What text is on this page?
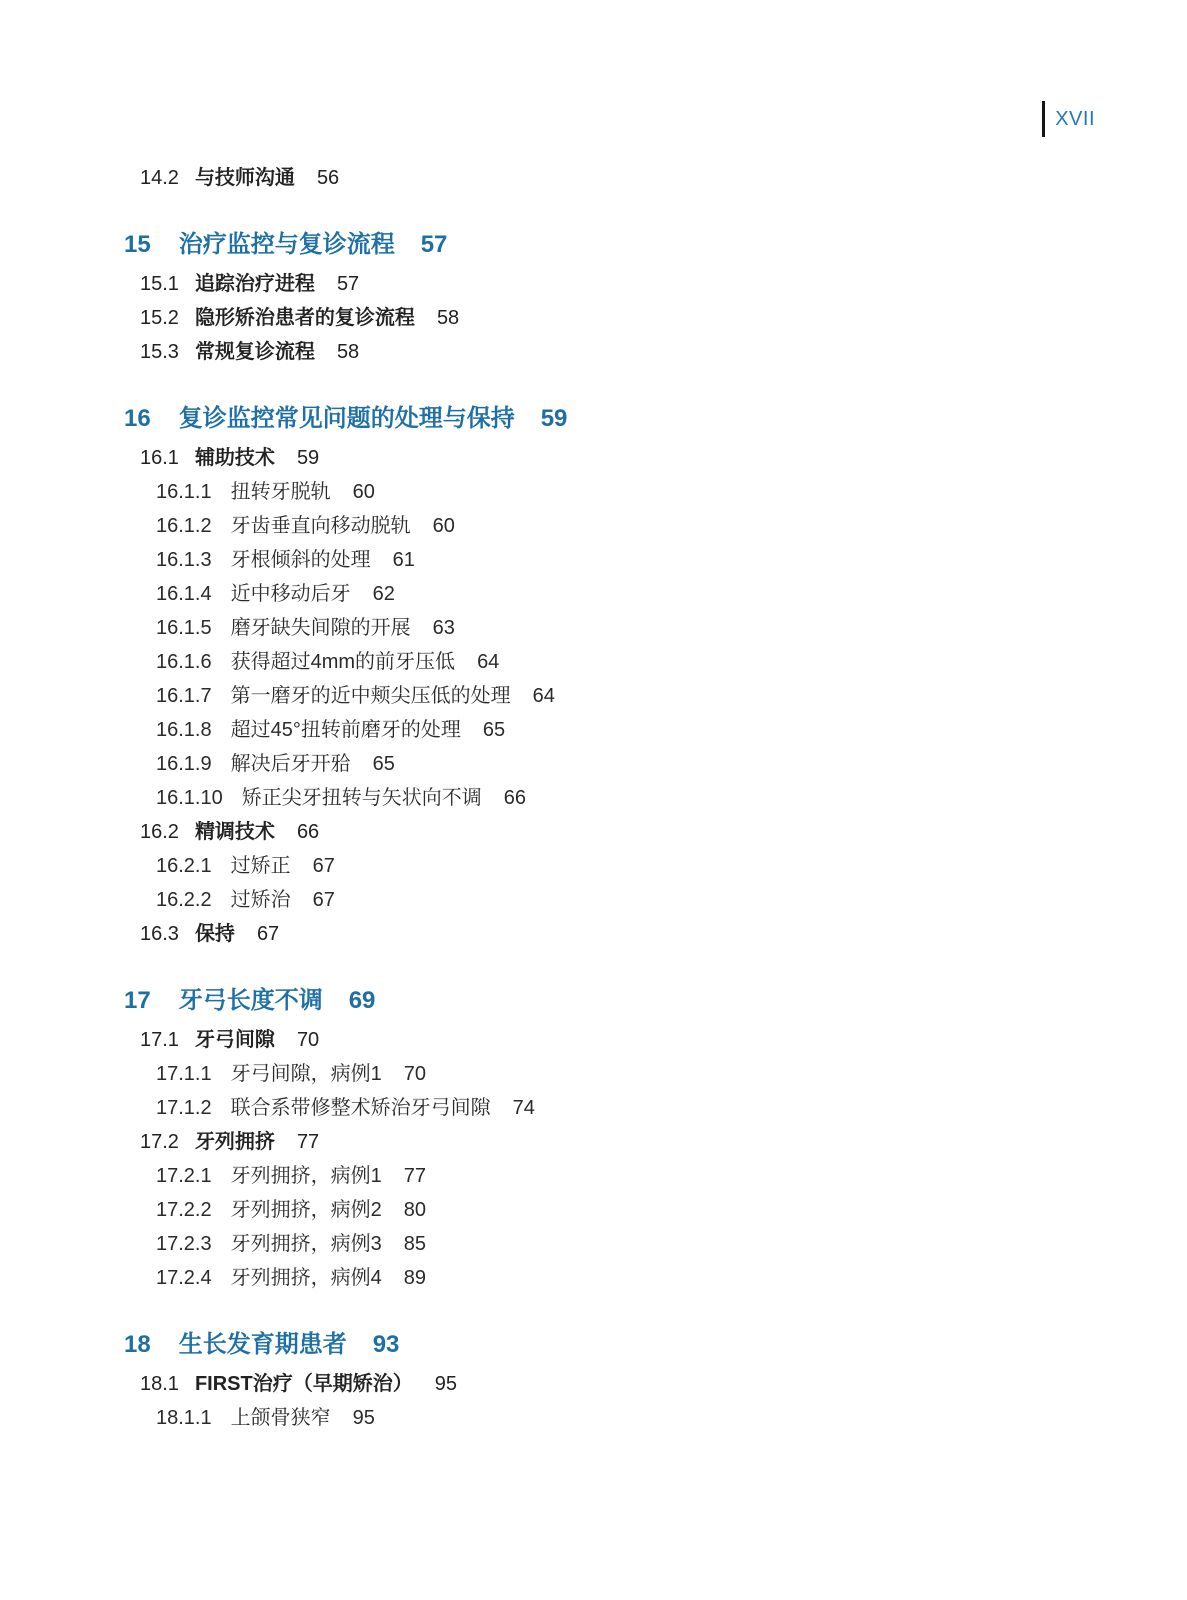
XVII
14.2 与技师沟通 56
15 治疗监控与复诊流程 57
15.1 追踪治疗进程 57
15.2 隐形矫治患者的复诊流程 58
15.3 常规复诊流程 58
16 复诊监控常见问题的处理与保持 59
16.1 辅助技术 59
16.1.1 扭转牙脱轨 60
16.1.2 牙齿垂直向移动脱轨 60
16.1.3 牙根倾斜的处理 61
16.1.4 近中移动后牙 62
16.1.5 磨牙缺失间隙的开展 63
16.1.6 获得超过4mm的前牙压低 64
16.1.7 第一磨牙的近中颊尖压低的处理 64
16.1.8 超过45°扭转前磨牙的处理 65
16.1.9 解决后牙开𬌗 65
16.1.10 矫正尖牙扭转与矢状向不调 66
16.2 精调技术 66
16.2.1 过矫正 67
16.2.2 过矫治 67
16.3 保持 67
17 牙弓长度不调 69
17.1 牙弓间隙 70
17.1.1 牙弓间隙，病例1 70
17.1.2 联合系带修整术矫治牙弓间隙 74
17.2 牙列拥挤 77
17.2.1 牙列拥挤，病例1 77
17.2.2 牙列拥挤，病例2 80
17.2.3 牙列拥挤，病例3 85
17.2.4 牙列拥挤，病例4 89
18 生长发育期患者 93
18.1 FIRST治疗（早期矫治） 95
18.1.1 上颌骨狭窄 95
